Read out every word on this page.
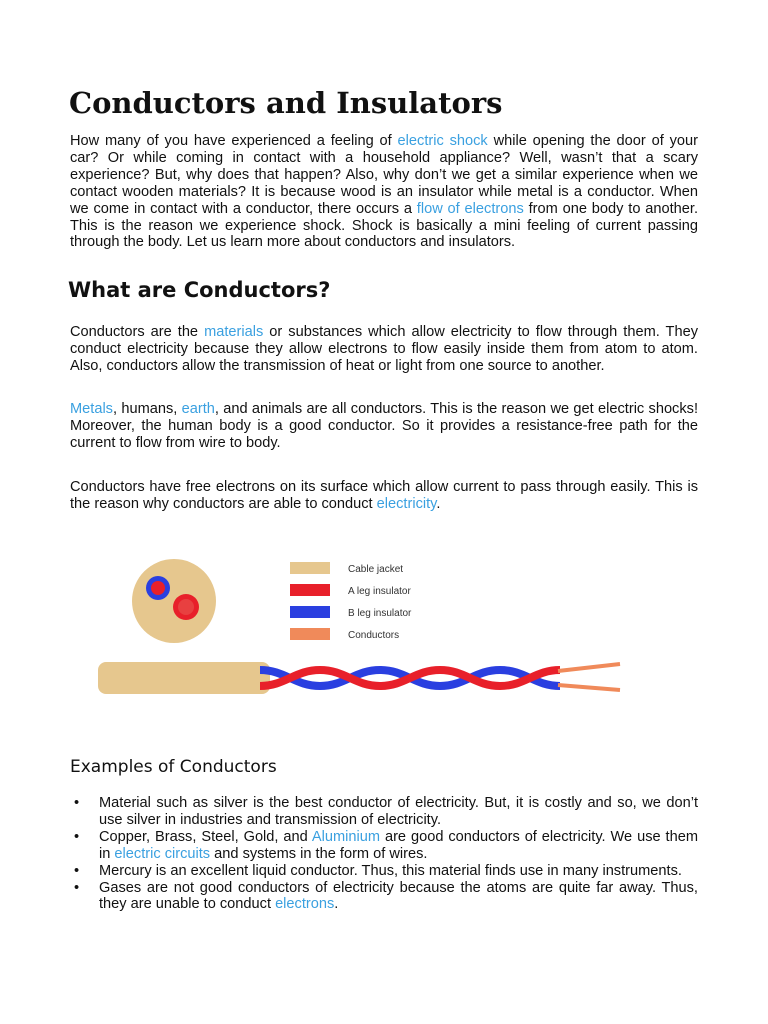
Conductors and Insulators

How many of you have experienced a feeling of electric shock while opening the door of your car? Or while coming in contact with a household appliance? Well, wasn’t that a scary experience? But, why does that happen? Also, why don’t we get a similar experience when we contact wooden materials? It is because wood is an insulator while metal is a conductor. When we come in contact with a conductor, there occurs a flow of electrons from one body to another. This is the reason we experience shock. Shock is basically a mini feeling of current passing through the body. Let us learn more about conductors and insulators.

What are Conductors?

Conductors are the materials or substances which allow electricity to flow through them. They conduct electricity because they allow electrons to flow easily inside them from atom to atom. Also, conductors allow the transmission of heat or light from one source to another.

Metals, humans, earth, and animals are all conductors. This is the reason we get electric shocks! Moreover, the human body is a good conductor. So it provides a resistance-free path for the current to flow from wire to body.

Conductors have free electrons on its surface which allow current to pass through easily. This is the reason why conductors are able to conduct electricity.

Cable jacket
A leg insulator
B leg insulator
Conductors
Examples of Conductors
• Material such as silver is the best conductor of electricity. But, it is costly and so, we don’t use silver in industries and transmission of electricity.
• Copper, Brass, Steel, Gold, and Aluminium are good conductors of electricity. We use them in electric circuits and systems in the form of wires.
• Mercury is an excellent liquid conductor. Thus, this material finds use in many instruments.
• Gases are not good conductors of electricity because the atoms are quite far away. Thus, they are unable to conduct electrons.
